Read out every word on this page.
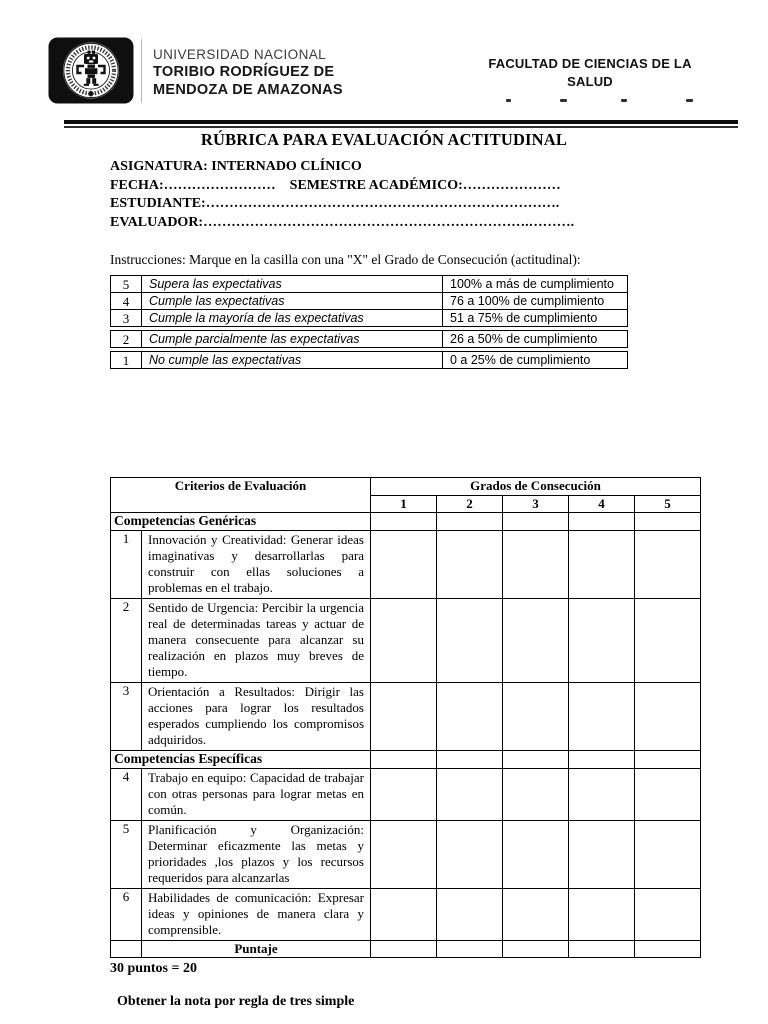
UNIVERSIDAD NACIONAL
TORIBIO RODRÍGUEZ DE
MENDOZA DE AMAZONAS
FACULTAD DE CIENCIAS DE LA
SALUD
RÚBRICA PARA EVALUACIÓN ACTITUDINAL
ASIGNATURA: INTERNADO CLÍNICO
FECHA:…………………… SEMESTRE ACADÉMICO:…………………
ESTUDIANTE:………………………………………………………………….
EVALUADOR:…………………………………………………………….……….
Instrucciones: Marque en la casilla con una "X" el Grado de Consecución (actitudinal):
5	Supera las expectativas	100% a más de cumplimiento
4	Cumple las expectativas	76 a 100% de cumplimiento
3	Cumple la mayoría de las expectativas	51 a 75% de cumplimiento
2	Cumple parcialmente las expectativas	26 a 50% de cumplimiento
1	No cumple las expectativas	0 a 25% de cumplimiento
Criterios de Evaluación		Grados de Consecución				
		1	2	3	4	5
Competencias Genéricas						
1	Innovación y Creatividad: Generar ideas imaginativas y desarrollarlas para construir con ellas soluciones a problemas en el trabajo.					
2	Sentido de Urgencia: Percibir la urgencia real de determinadas tareas y actuar de manera consecuente para alcanzar su realización en plazos muy breves de tiempo.					
3	Orientación a Resultados: Dirigir las acciones para lograr los resultados esperados cumpliendo los compromisos adquiridos.					
Competencias Específicas						
4	Trabajo en equipo: Capacidad de trabajar con otras personas para lograr metas en común.					
5	Planificación y Organización: Determinar eficazmente las metas y prioridades ,los plazos y los recursos requeridos para alcanzarlas					
6	Habilidades de comunicación: Expresar ideas y opiniones de manera clara y comprensible.					
	Puntaje					
30 puntos = 20
Obtener la nota por regla de tres simple
